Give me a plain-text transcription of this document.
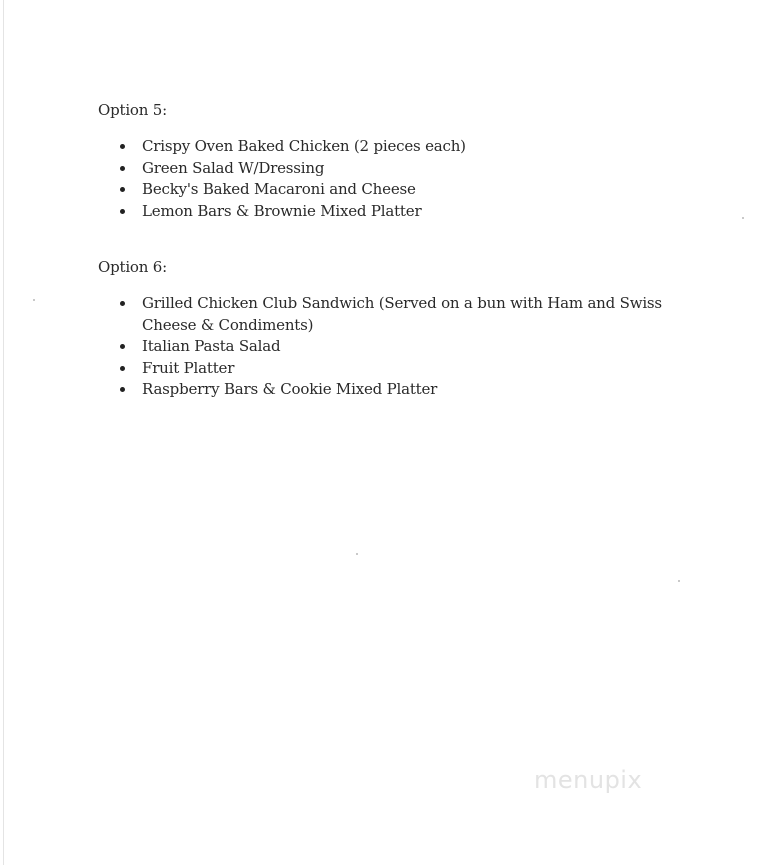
Option 5:
Crispy Oven Baked Chicken (2 pieces each)
Green Salad W/Dressing
Becky's Baked Macaroni and Cheese
Lemon Bars & Brownie Mixed Platter
Option 6:
Grilled Chicken Club Sandwich (Served on a bun with Ham and Swiss Cheese & Condiments)
Italian Pasta Salad
Fruit Platter
Raspberry Bars & Cookie Mixed Platter
menupix
